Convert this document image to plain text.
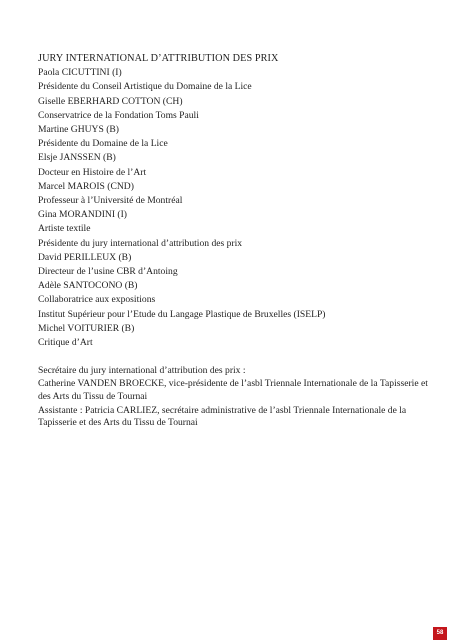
JURY INTERNATIONAL D’ATTRIBUTION DES PRIX

Paola CICUTTINI (I)

Présidente du Conseil Artistique du Domaine de la Lice

Giselle EBERHARD COTTON (CH)

Conservatrice de la Fondation Toms Pauli

Martine GHUYS (B)

Présidente du Domaine de la Lice

Elsje JANSSEN (B)

Docteur en Histoire de l’Art

Marcel MAROIS (CND)

Professeur à l’Université de Montréal

Gina MORANDINI (I)

Artiste textile

Présidente du jury international d’attribution des prix

David PERILLEUX (B)

Directeur de l’usine CBR d’Antoing

Adèle SANTOCONO (B)

Collaboratrice aux expositions

Institut Supérieur pour l’Etude du Langage Plastique de Bruxelles (ISELP)

Michel VOITURIER (B)

Critique d’Art

Secrétaire du jury international d’attribution des prix :

Catherine VANDEN BROECKE, vice-présidente de l’asbl Triennale Internationale de la Tapisserie et des Arts du Tissu de Tournai

Assistante : Patricia CARLIEZ, secrétaire administrative de l’asbl Triennale Internationale de la Tapisserie et des Arts du Tissu de Tournai

58
